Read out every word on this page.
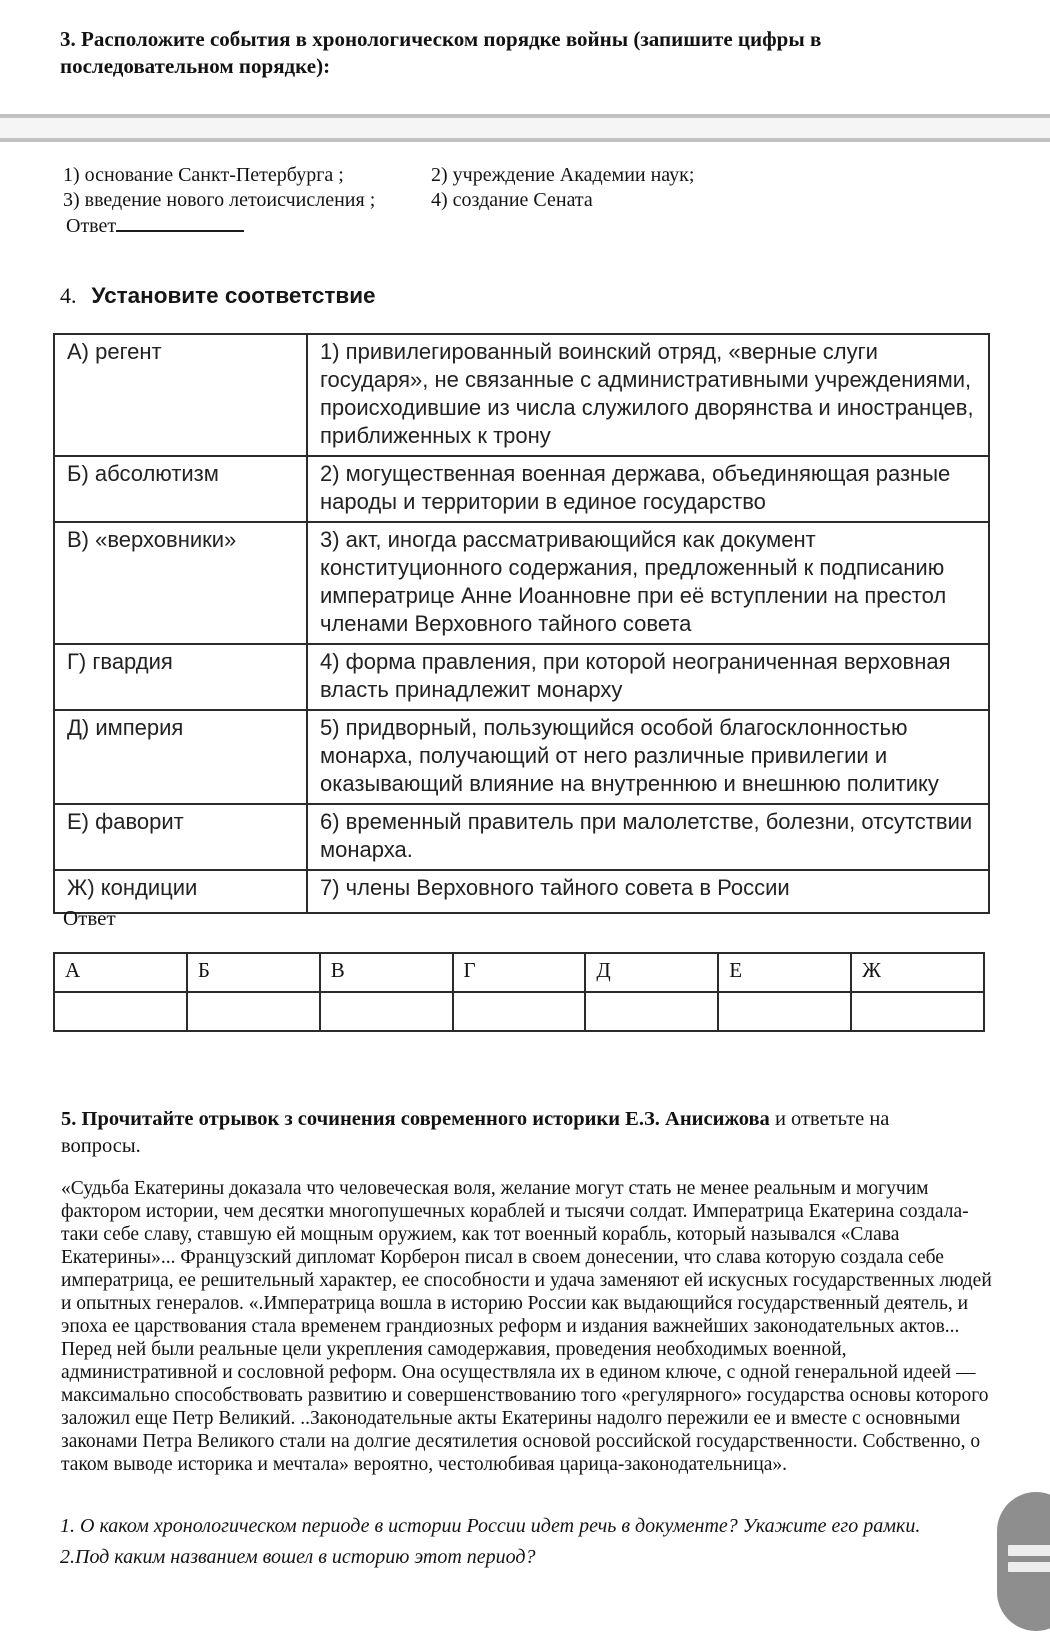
3. Расположите события в хронологическом порядке войны (запишите цифры в последовательном порядке):
1) основание Санкт-Петербурга ;	2) учреждение Академии наук;
3) введение нового летоисчисления ;	4) создание Сената
Ответ
4. Установите соответствие
А) регент	1) привилегированный воинский отряд, «верные слуги государя», не связанные с административными учреждениями, происходившие из числа служилого дворянства и иностранцев, приближенных к трону
Б) абсолютизм	2) могущественная военная держава, объединяющая разные народы и территории в единое государство
В) «верховники»	3) акт, иногда рассматривающийся как документ конституционного содержания, предложенный к подписанию императрице Анне Иоанновне при её вступлении на престол членами Верховного тайного совета
Г) гвардия	4) форма правления, при которой неограниченная верховная власть принадлежит монарху
Д) империя	5) придворный, пользующийся особой благосклонностью монарха, получающий от него различные привилегии и оказывающий влияние на внутреннюю и внешнюю политику
Е) фаворит	6) временный правитель при малолетстве, болезни, отсутствии монарха.
Ж) кондиции	7) члены Верховного тайного совета в России
Ответ
А	Б	В	Г	Д	Е	Ж

5. Прочитайте отрывок з сочинения современного историки Е.З. Анисижова и ответьте на вопросы.
«Судьба Екатерины доказала что человеческая воля, желание могут стать не менее реальным и могучим фактором истории, чем десятки многопушечных кораблей и тысячи солдат. Императрица Екатерина создала-таки себе славу, ставшую ей мощным оружием, как тот военный корабль, который назывался «Слава Екатерины»... Французский дипломат Корберон писал в своем донесении, что слава которую создала себе императрица, ее решительный характер, ее способности и удача заменяют ей искусных государственных людей и опытных генералов. «.Императрица вошла в историю России как выдающийся государственный деятель, и эпоха ее царствования стала временем грандиозных реформ и издания важнейших законодательных актов... Перед ней были реальные цели укрепления самодержавия, проведения необходимых военной, административной и сословной реформ. Она осуществляла их в едином ключе, с одной генеральной идеей — максимально способствовать развитию и совершенствованию того «регулярного» государства основы которого заложил еще Петр Великий. ..Законодательные акты Екатерины надолго пережили ее и вместе с основными законами Петра Великого стали на долгие десятилетия основой российской государственности. Собственно, о таком выводе историка и мечтала» вероятно, честолюбивая царица-законодательница».
1. О каком хронологическом периоде в истории России идет речь в документе? Укажите его рамки.
2.Под каким названием вошел в историю этот период?
